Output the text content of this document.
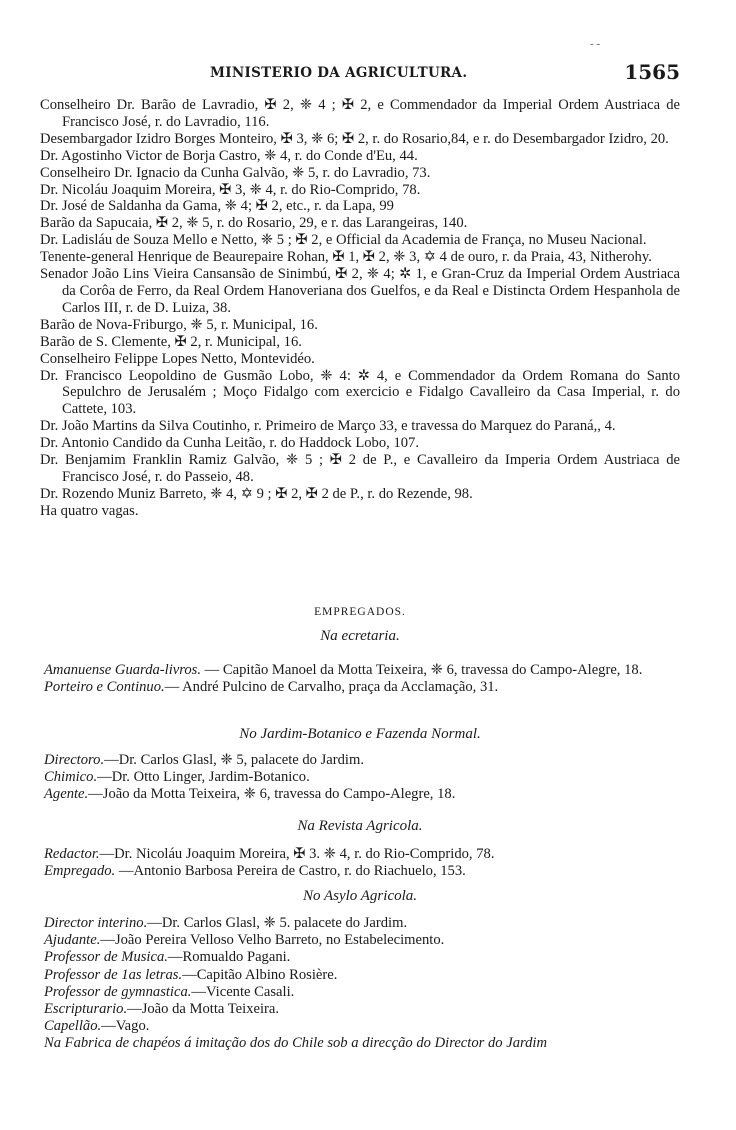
- -
MINISTERIO DA AGRICULTURA.	1565
Conselheiro Dr. Barão de Lavradio, ✠ 2, ❈ 4 ; ✠ 2, e Commendador da Imperial Ordem Austriaca de Francisco José, r. do Lavradio, 116.
Desembargador Izidro Borges Monteiro, ✠ 3, ❈ 6; ✠ 2, r. do Rosario,84, e r. do Desembargador Izidro, 20.
Dr. Agostinho Victor de Borja Castro, ❈ 4, r. do Conde d'Eu, 44.
Conselheiro Dr. Ignacio da Cunha Galvão, ❈ 5, r. do Lavradio, 73.
Dr. Nicoláu Joaquim Moreira, ✠ 3, ❈ 4, r. do Rio-Comprido, 78.
Dr. José de Saldanha da Gama, ❈ 4; ✠ 2, etc., r. da Lapa, 99
Barão da Sapucaia, ✠ 2, ❈ 5, r. do Rosario, 29, e r. das Larangeiras, 140.
Dr. Ladisláu de Souza Mello e Netto, ❈ 5 ; ✠ 2, e Official da Academia de França, no Museu Nacional.
Tenente-general Henrique de Beaurepaire Rohan, ✠ 1, ✠ 2, ❈ 3, ✡ 4 de ouro, r. da Praia, 43, Nitherohy.
Senador João Lins Vieira Cansansão de Sinimbú, ✠ 2, ❈ 4; ✲ 1, e Gran-Cruz da Imperial Ordem Austriaca da Corôa de Ferro, da Real Ordem Hanoveriana dos Guelfos, e da Real e Distincta Ordem Hespanhola de Carlos III, r. de D. Luiza, 38.
Barão de Nova-Friburgo, ❈ 5, r. Municipal, 16.
Barão de S. Clemente, ✠ 2, r. Municipal, 16.
Conselheiro Felippe Lopes Netto, Montevidéo.
Dr. Francisco Leopoldino de Gusmão Lobo, ❈ 4: ✲ 4, e Commendador da Ordem Romana do Santo Sepulchro de Jerusalém ; Moço Fidalgo com exercicio e Fidalgo Cavalleiro da Casa Imperial, r. do Cattete, 103.
Dr. João Martins da Silva Coutinho, r. Primeiro de Março 33, e travessa do Marquez do Paraná,, 4.
Dr. Antonio Candido da Cunha Leitão, r. do Haddock Lobo, 107.
Dr. Benjamim Franklin Ramiz Galvão, ❈ 5 ; ✠ 2 de P., e Cavalleiro da Imperia Ordem Austriaca de Francisco José, r. do Passeio, 48.
Dr. Rozendo Muniz Barreto, ❈ 4, ✡ 9 ; ✠ 2, ✠ 2 de P., r. do Rezende, 98.
Ha quatro vagas.
EMPREGADOS.
Na ecretaria.
Amanuense Guarda-livros. — Capitão Manoel da Motta Teixeira, ❈ 6, travessa do Campo-Alegre, 18.
Porteiro e Continuo.— André Pulcino de Carvalho, praça da Acclamação, 31.
No Jardim-Botanico e Fazenda Normal.
Directoro.—Dr. Carlos Glasl, ❈ 5, palacete do Jardim.
Chimico.—Dr. Otto Linger, Jardim-Botanico.
Agente.—João da Motta Teixeira, ❈ 6, travessa do Campo-Alegre, 18.
Na Revista Agricola.
Redactor.—Dr. Nicoláu Joaquim Moreira, ✠ 3. ❈ 4, r. do Rio-Comprido, 78.
Empregado. —Antonio Barbosa Pereira de Castro, r. do Riachuelo, 153.
No Asylo Agricola.
Director interino.—Dr. Carlos Glasl, ❈ 5. palacete do Jardim.
Ajudante.—João Pereira Velloso Velho Barreto, no Estabelecimento.
Professor de Musica.—Romualdo Pagani.
Professor de 1as letras.—Capitão Albino Rosière.
Professor de gymnastica.—Vicente Casali.
Escripturario.—João da Motta Teixeira.
Capellão.—Vago.
Na Fabrica de chapéos á imitação dos do Chile sob a direcção do Director do Jardim
